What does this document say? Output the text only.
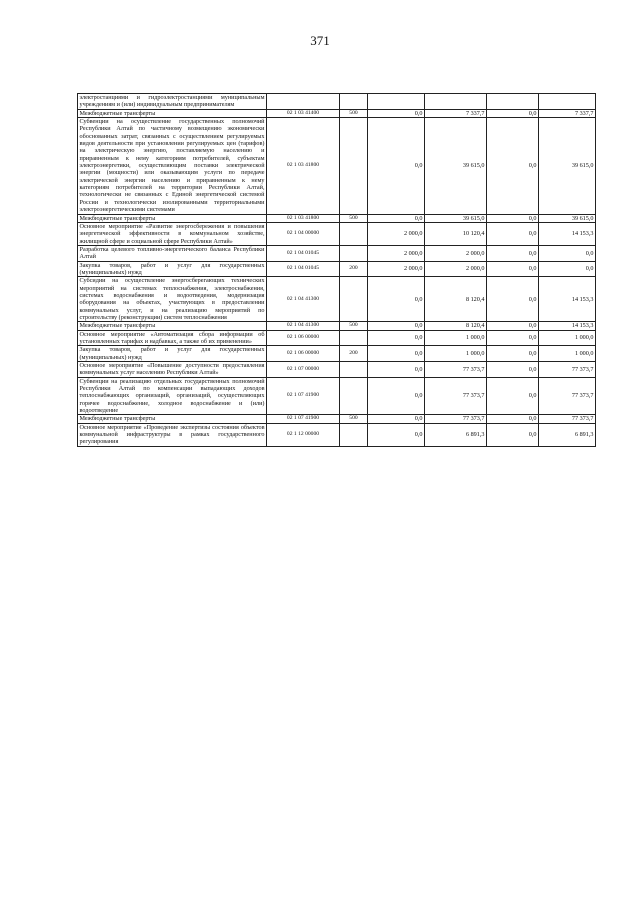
371
электростанциями и гидроэлектростанциями муниципальным учреждениям и (или) индивидуальным предпринимателям						
Межбюджетные трансферты	02 1 03 41400	500	0,0	7 337,7	0,0	7 337,7
Субвенции на осуществление государственных полномочий Республики Алтай по частичному возмещению экономически обоснованных затрат, связанных с осуществлением регулируемых видов деятельности при установлении регулируемых цен (тарифов) на электрическую энергию, поставляемую населению и приравненным к нему категориям потребителей, субъектам электроэнергетики, осуществляющим поставки электрической энергии (мощности) или оказывающим услуги по передаче электрической энергии населению и приравненным к нему категориям потребителей на территории Республики Алтай, технологически не связанных с Единой энергетической системой России и технологически изолированными территориальными электроэнергетическими системами	02 1 03 41800		0,0	39 615,0	0,0	39 615,0
Межбюджетные трансферты	02 1 03 41800	500	0,0	39 615,0	0,0	39 615,0
Основное мероприятие «Развитие энергосбережения и повышения энергетической эффективности в коммунальном хозяйстве, жилищной сфере и социальной сфере Республики Алтай»	02 1 04 00000		2 000,0	10 120,4	0,0	14 153,3
Разработка целевого топливно-энергетического баланса Республики Алтай	02 1 04 01045		2 000,0	2 000,0	0,0	0,0
Закупка товаров, работ и услуг для государственных (муниципальных) нужд	02 1 04 01045	200	2 000,0	2 000,0	0,0	0,0
Субсидии на осуществление энергосберегающих технических мероприятий на системах теплоснабжения, электроснабжения, системах водоснабжения и водоотведения, модернизация оборудования на объектах, участвующих в предоставлении коммунальных услуг, и на реализацию мероприятий по строительству (реконструкции) систем теплоснабжения	02 1 04 41300		0,0	8 120,4	0,0	14 153,3
Межбюджетные трансферты	02 1 04 41300	500	0,0	8 120,4	0,0	14 153,3
Основное мероприятие «Автоматизация сбора информации об установленных тарифах и надбавках, а также об их применении»	02 1 06 00000		0,0	1 000,0	0,0	1 000,0
Закупка товаров, работ и услуг для государственных (муниципальных) нужд	02 1 06 00000	200	0,0	1 000,0	0,0	1 000,0
Основное мероприятие «Повышение доступности предоставления коммунальных услуг населению Республики Алтай»	02 1 07 00000		0,0	77 373,7	0,0	77 373,7
Субвенции на реализацию отдельных государственных полномочий Республики Алтай по компенсации выпадающих доходов теплоснабжающих организаций, организаций, осуществляющих горячее водоснабжение, холодное водоснабжение и (или) водоотведение	02 1 07 41900		0,0	77 373,7	0,0	77 373,7
Межбюджетные трансферты	02 1 07 41900	500	0,0	77 373,7	0,0	77 373,7
Основное мероприятие «Проведение экспертизы состояния объектов коммунальной инфраструктуры в рамках государственного регулирования	02 1 12 00000		0,0	6 891,3	0,0	6 891,3
